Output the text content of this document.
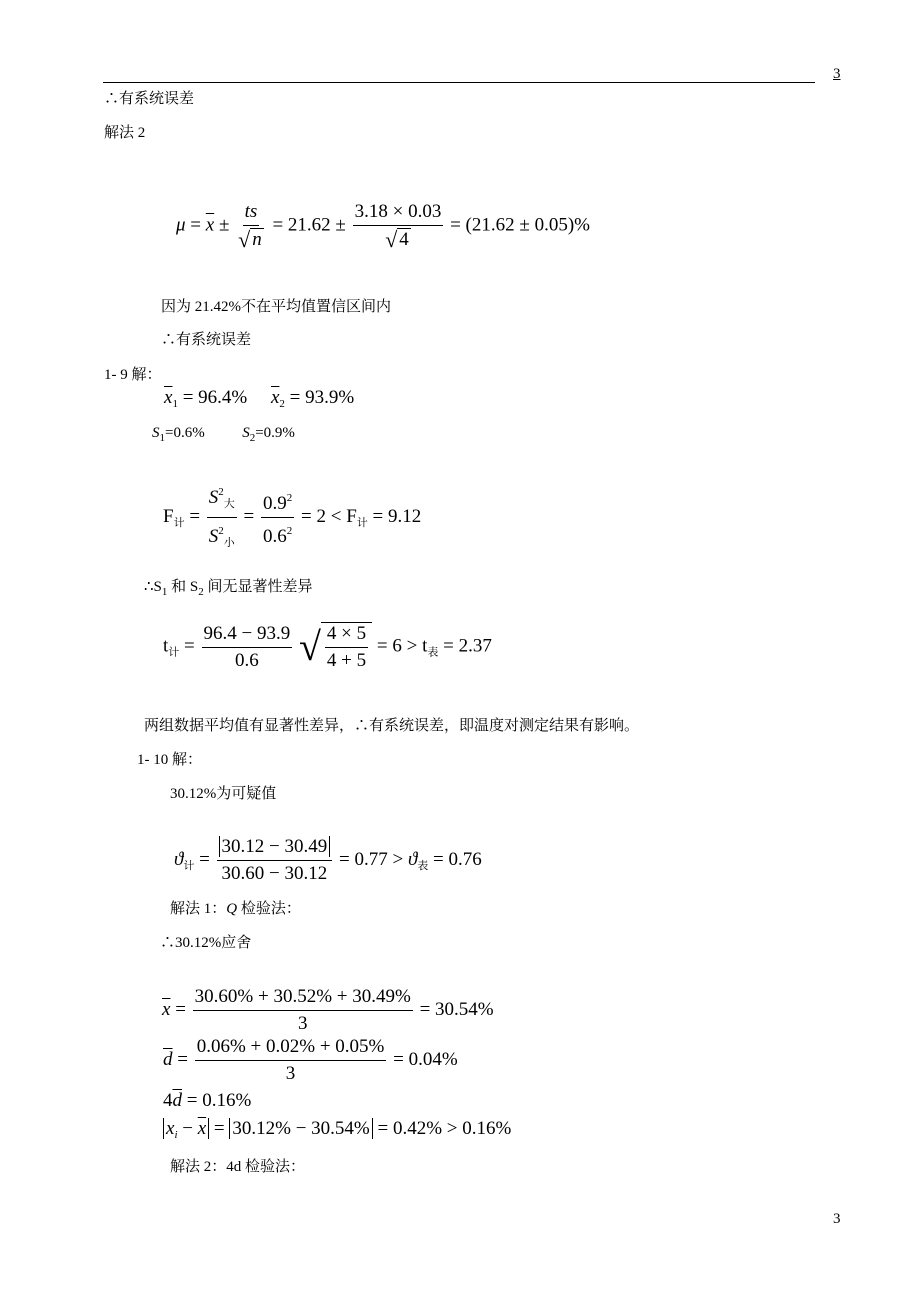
3
∴有系统误差
解法 2
$\mu = \overline{x} \pm \frac{ts}{√ n} = 21.62 \pm \frac{3.18 \times 0.03}{√ 4} = (21.62 \pm 0.05)\%$
因为 21.42%不在平均值置信区间内
∴有系统误差
1- 9 解：
$\overline{x}_1 = 96.4\%$     $\overline{x}_2 = 93.9\%$
$S_1=0.6\%$          $S_2=0.9\%$
$F_计 = \frac{S^2_大}{S^2_小} = \frac{0.9^2}{0.6^2} = 2 < F_计 = 9.12$
$\therefore S_1$ 和 $S_2$ 间无显著性差异
$t_计 = \frac{96.4 - 93.9}{0.6}$
√ $\frac{4 \times 5}{4 + 5} = 6 > t_表 = 2.37$
两组数据平均值有显著性差异，∴有系统误差，即温度对测定结果有影响。
1- 10 解：
30.12%为可疑值
$ϑ_计 = \frac{30.12 - 30.49}{30.60 - 30.12} = 0.77 > ϑ_表 = 0.76$
解法 1：Q 检验法：
∴30.12%应舍
$\overline{x} = \frac{30.60\% + 30.52\% + 30.49\%}{3} = 30.54\%$
$\overline{d} = \frac{0.06\% + 0.02\% + 0.05\%}{3} = 0.04\%$
$4\overline{d} = 0.16\%$
$x_i - \overline{x} = 30.12\% - 30.54\% = 0.42\% > 0.16\%$
解法 2：4d 检验法：
3
